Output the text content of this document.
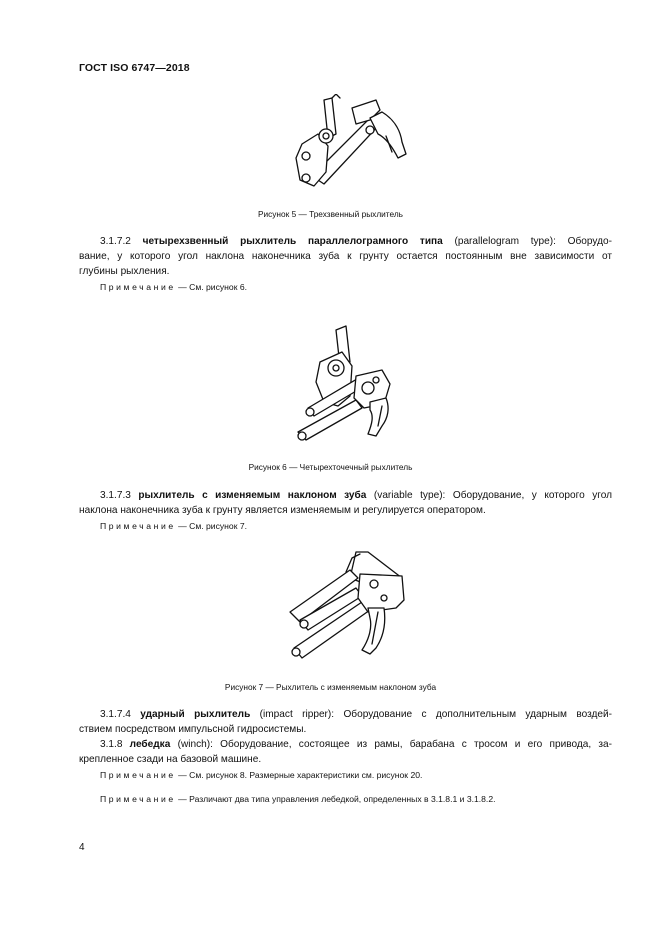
ГОСТ ISO 6747—2018
Рисунок 5 — Трехзвенный рыхлитель
3.1.7.2 четырехзвенный рыхлитель параллелограмного типа (parallelogram type): Оборудо-
вание, у которого угол наклона наконечника зуба к грунту остается постоянным вне зависимости от
глубины рыхления.
Примечание — См. рисунок 6.
Рисунок 6 — Четырехточечный рыхлитель
3.1.7.3 рыхлитель с изменяемым наклоном зуба (variable type): Оборудование, у которого угол
наклона наконечника зуба к грунту является изменяемым и регулируется оператором.
Примечание — См. рисунок 7.
Рисунок 7 — Рыхлитель с изменяемым наклоном зуба
3.1.7.4 ударный рыхлитель (impact ripper): Оборудование с дополнительным ударным воздей-
ствием посредством импульсной гидросистемы.
3.1.8 лебедка (winch): Оборудование, состоящее из рамы, барабана с тросом и его привода, за-
крепленное сзади на базовой машине.
Примечание — См. рисунок 8. Размерные характеристики см. рисунок 20.
Примечание — Различают два типа управления лебедкой, определенных в 3.1.8.1 и 3.1.8.2.
4
